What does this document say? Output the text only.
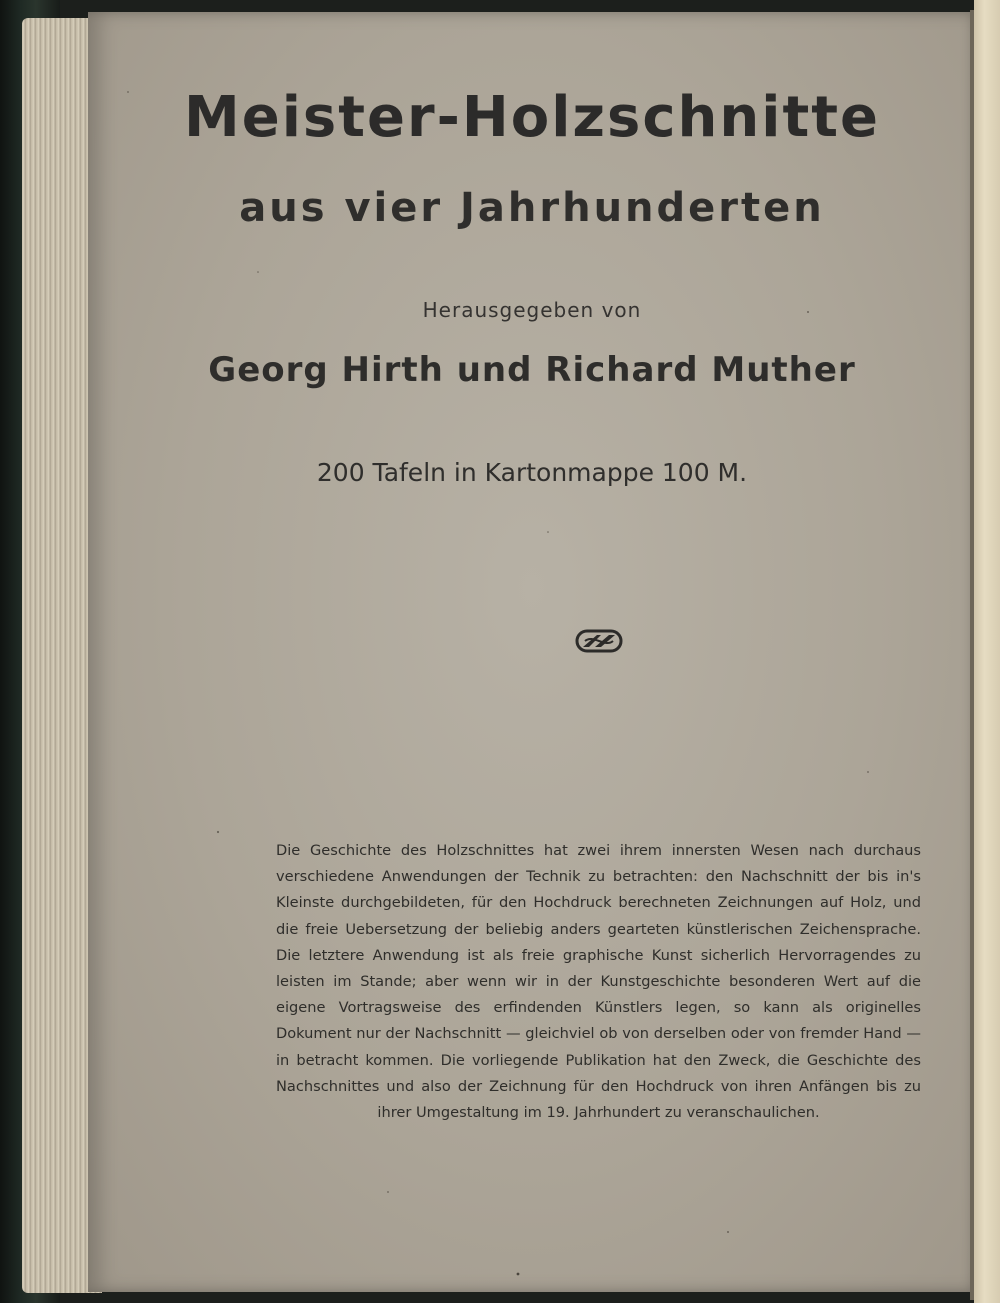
Meister-Holzschnitte
aus vier Jahrhunderten
Herausgegeben von
Georg Hirth und Richard Muther
200 Tafeln in Kartonmappe 100 M.
Die Geschichte des Holzschnittes hat zwei ihrem innersten Wesen nach durchaus verschiedene Anwendungen der Technik zu betrachten: den Nachschnitt der bis in's Kleinste durchgebildeten, für den Hochdruck berechneten Zeichnungen auf Holz, und die freie Uebersetzung der beliebig anders gearteten künstlerischen Zeichensprache. Die letztere Anwendung ist als freie graphische Kunst sicherlich Hervorragendes zu leisten im Stande; aber wenn wir in der Kunstgeschichte besonderen Wert auf die eigene Vortragsweise des erfindenden Künstlers legen, so kann als originelles Dokument nur der Nachschnitt — gleichviel ob von derselben oder von fremder Hand — in betracht kommen. Die vorliegende Publikation hat den Zweck, die Geschichte des Nachschnittes und also der Zeichnung für den Hochdruck von ihren Anfängen bis zu ihrer Umgestaltung im 19. Jahrhundert zu veranschaulichen.
